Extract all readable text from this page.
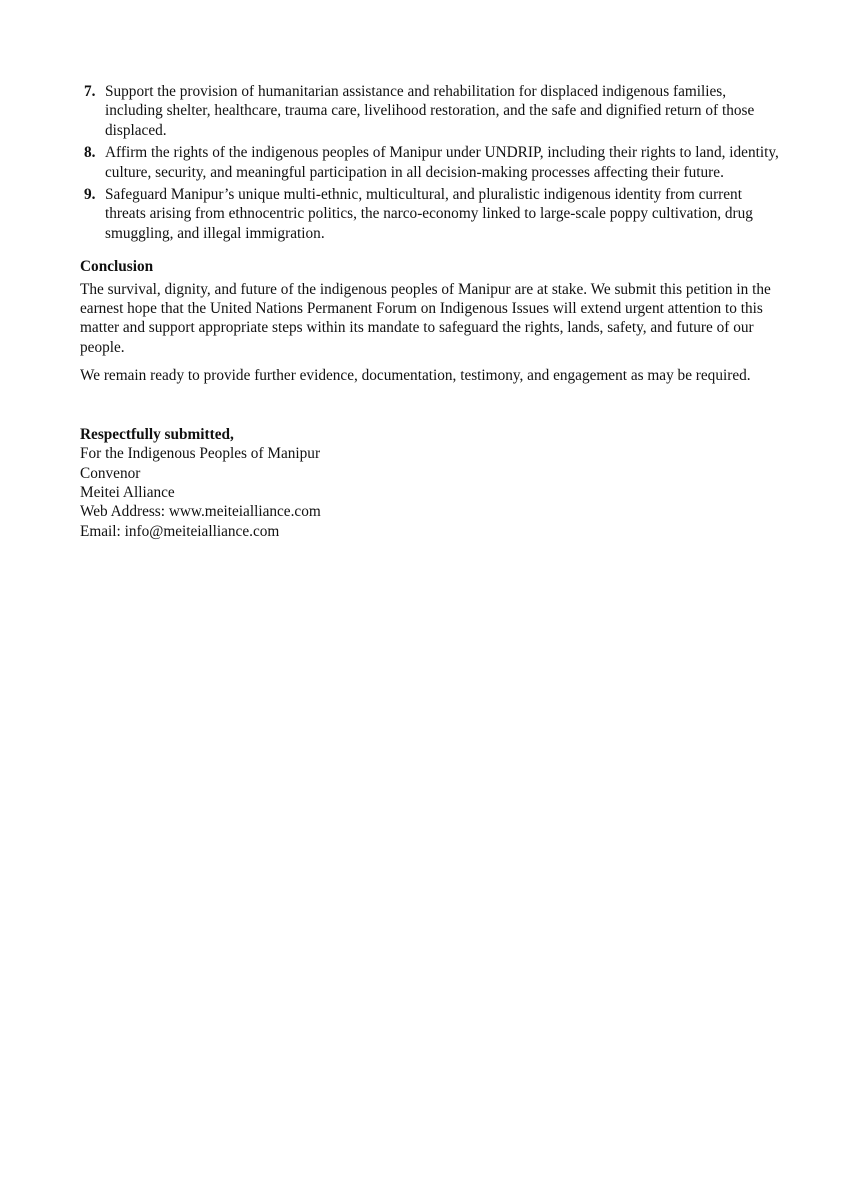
7. Support the provision of humanitarian assistance and rehabilitation for displaced indigenous families, including shelter, healthcare, trauma care, livelihood restoration, and the safe and dignified return of those displaced.
8. Affirm the rights of the indigenous peoples of Manipur under UNDRIP, including their rights to land, identity, culture, security, and meaningful participation in all decision-making processes affecting their future.
9. Safeguard Manipur’s unique multi-ethnic, multicultural, and pluralistic indigenous identity from current threats arising from ethnocentric politics, the narco-economy linked to large-scale poppy cultivation, drug smuggling, and illegal immigration.
Conclusion

The survival, dignity, and future of the indigenous peoples of Manipur are at stake. We submit this petition in the earnest hope that the United Nations Permanent Forum on Indigenous Issues will extend urgent attention to this matter and support appropriate steps within its mandate to safeguard the rights, lands, safety, and future of our people.

We remain ready to provide further evidence, documentation, testimony, and engagement as may be required.

Respectfully submitted,
For the Indigenous Peoples of Manipur
Convenor
Meitei Alliance
Web Address: www.meiteialliance.com
Email: info@meiteialliance.com
